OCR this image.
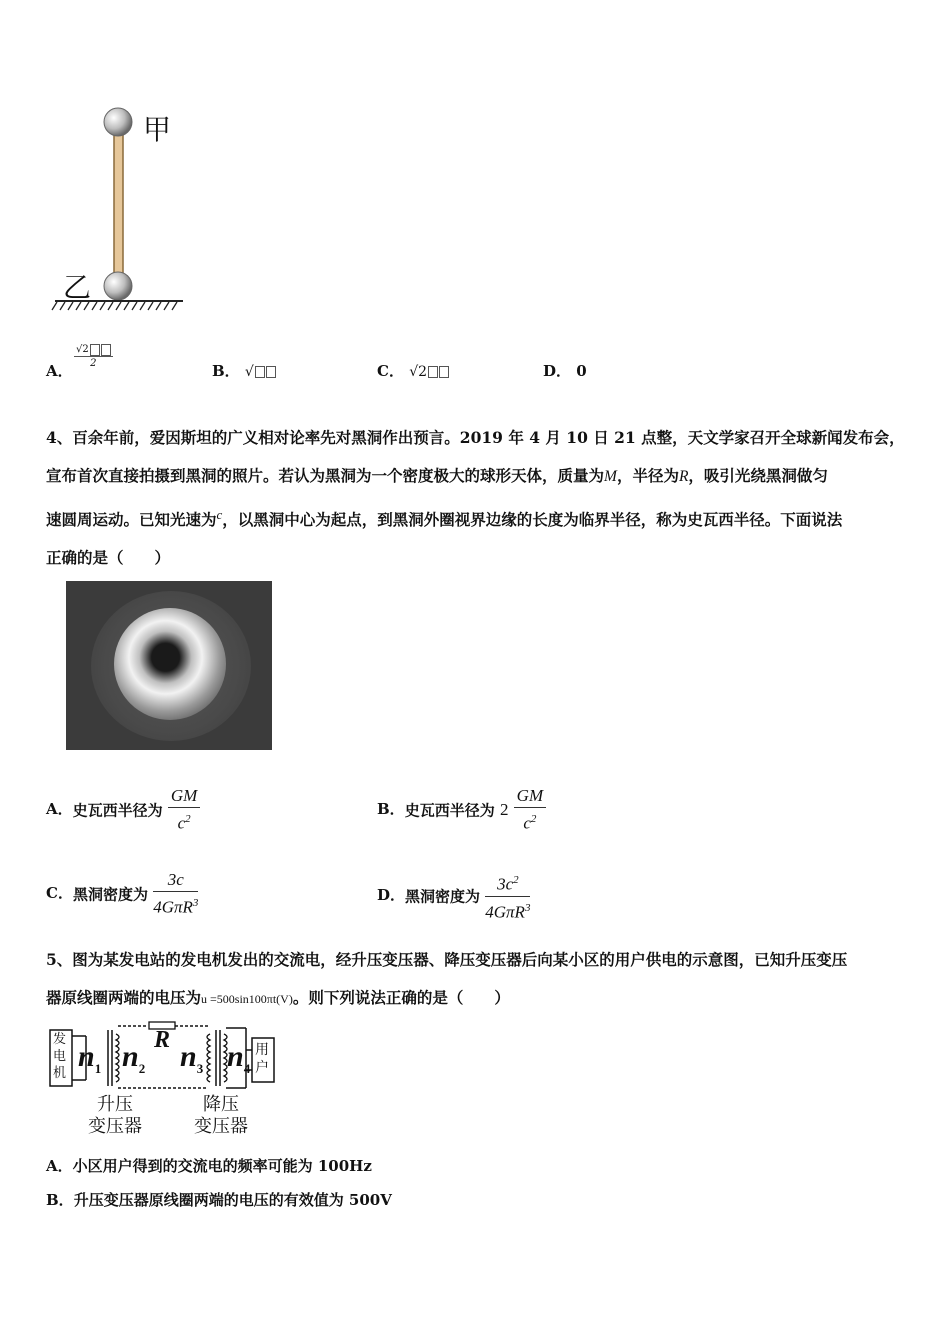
甲
乙
A．
√2
2	B． √	C． √2	D． 0
4、百余年前，爱因斯坦的广义相对论率先对黑洞作出预言。2019 年 4 月 10 日 21 点整，天文学家召开全球新闻发布会，
宣布首次直接拍摄到黑洞的照片。若认为黑洞为一个密度极大的球形天体，质量为M，半径为R，吸引光绕黑洞做匀
速圆周运动。已知光速为$^c$，以黑洞中心为起点，到黑洞外圈视界边缘的长度为临界半径，称为史瓦西半径。下面说法
正确的是（　　）
A．史瓦西半径为 $\frac{GM}{c^2}$	B．史瓦西半径为 $2 \frac{GM}{c^2}$
C．黑洞密度为 $\frac{3c}{4G\pi R^3}$	D．黑洞密度为 $\frac{3c^2}{4G\pi R^3}$
5、图为某发电站的发电机发出的交流电，经升压变压器、降压变压器后向某小区的用户供电的示意图，已知升压变压
器原线圈两端的电压为u =500sin100πt(V)。则下列说法正确的是（　　）
发电机
$n_1$ $n_2$
R $n_3$ $n_4$
用户
升压
变压器
降压
变压器
A．小区用户得到的交流电的频率可能为 100Hz
B．升压变压器原线圈两端的电压的有效值为 500V
